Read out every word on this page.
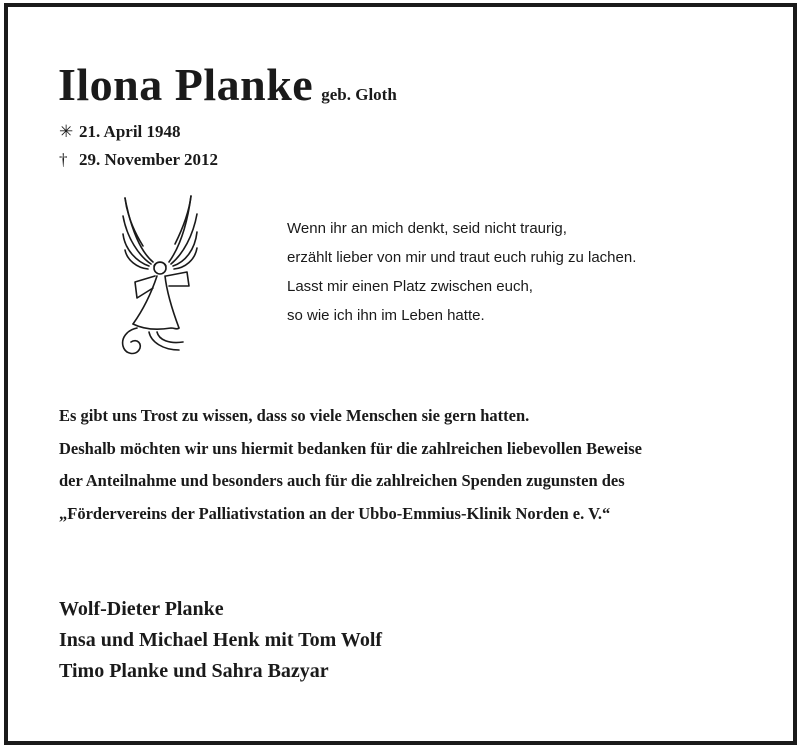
Ilona Planke geb. Gloth
✳ 21. April 1948
† 29. November 2012

Wenn ihr an mich denkt, seid nicht traurig,

erzählt lieber von mir und traut euch ruhig zu lachen.

Lasst mir einen Platz zwischen euch,

so wie ich ihn im Leben hatte.

Es gibt uns Trost zu wissen, dass so viele Menschen sie gern hatten.

Deshalb möchten wir uns hiermit bedanken für die zahlreichen liebevollen Beweise

der Anteilnahme und besonders auch für die zahlreichen Spenden zugunsten des

„Fördervereins der Palliativstation an der Ubbo-Emmius-Klinik Norden e. V.“

Wolf-Dieter Planke

Insa und Michael Henk mit Tom Wolf

Timo Planke und Sahra Bazyar
